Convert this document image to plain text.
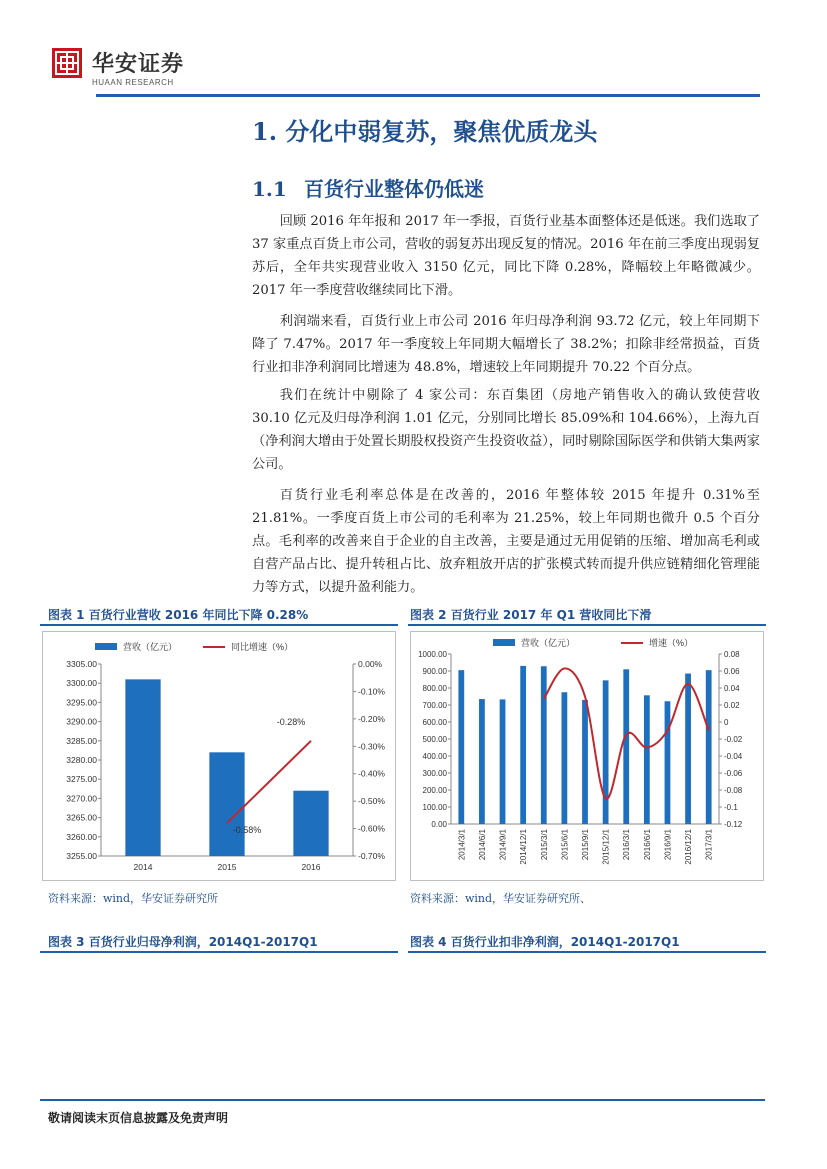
华安证券
HUAAN RESEARCH
1. 分化中弱复苏，聚焦优质龙头
1.1 百货行业整体仍低迷

回顾 2016 年年报和 2017 年一季报，百货行业基本面整体还是低迷。我们选取了 37 家重点百货上市公司，营收的弱复苏出现反复的情况。2016 年在前三季度出现弱复苏后，全年共实现营业收入 3150 亿元，同比下降 0.28%，降幅较上年略微减少。2017 年一季度营收继续同比下滑。

利润端来看，百货行业上市公司 2016 年归母净利润 93.72 亿元，较上年同期下降了 7.47%。2017 年一季度较上年同期大幅增长了 38.2%；扣除非经常损益，百货行业扣非净利润同比增速为 48.8%，增速较上年同期提升 70.22 个百分点。

我们在统计中剔除了 4 家公司：东百集团（房地产销售收入的确认致使营收 30.10 亿元及归母净利润 1.01 亿元，分别同比增长 85.09%和 104.66%），上海九百（净利润大增由于处置长期股权投资产生投资收益），同时剔除国际医学和供销大集两家公司。

百货行业毛利率总体是在改善的，2016 年整体较 2015 年提升 0.31%至 21.81%。一季度百货上市公司的毛利率为 21.25%，较上年同期也微升 0.5 个百分点。毛利率的改善来自于企业的自主改善，主要是通过无用促销的压缩、增加高毛利或自营产品占比、提升转租占比、放弃粗放开店的扩张模式转而提升供应链精细化管理能力等方式，以提升盈利能力。

图表 1 百货行业营收 2016 年同比下降 0.28%	图表 2 百货行业 2017 年 Q1 营收同比下滑
营收（亿元）	同比增速（%）
3255.00
3260.00
3265.00
3270.00
3275.00
3280.00
3285.00
3290.00
3295.00
3300.00
3305.00	0.00%
-0.10%
-0.20%
-0.30%
-0.40%
-0.50%
-0.60%
-0.70%
2014	2015	2016
-0.58%
-0.28%
营收（亿元）	增速（%）
0.00
100.00
200.00
300.00
400.00
500.00
600.00
700.00
800.00
900.00
1000.00	0.08
0.06
0.04
0.02
0
-0.02
-0.04
-0.06
-0.08
-0.1
-0.12
2014/3/1 2014/6/1 2014/9/1 2014/12/1 2015/3/1 2015/6/1 2015/9/1 2015/12/1 2016/3/1 2016/6/1 2016/9/1 2016/12/1 2017/3/1
资料来源：wind，华安证券研究所	资料来源：wind，华安证券研究所、
图表 3 百货行业归母净利润，2014Q1-2017Q1	图表 4 百货行业扣非净利润，2014Q1-2017Q1
敬请阅读末页信息披露及免责声明
